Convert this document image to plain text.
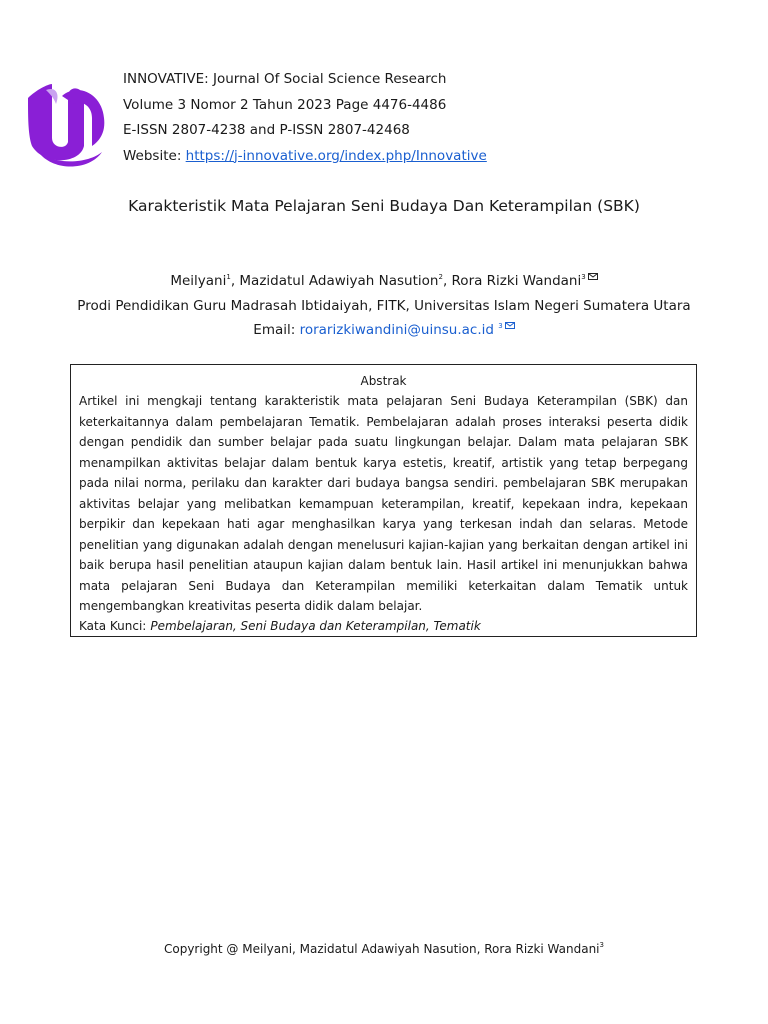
INNOVATIVE: Journal Of Social Science Research
Volume 3 Nomor 2 Tahun 2023 Page 4476-4486
E-ISSN 2807-4238 and P-ISSN 2807-42468
Website: https://j-innovative.org/index.php/Innovative
Karakteristik Mata Pelajaran Seni Budaya Dan Keterampilan (SBK)
Meilyani$^1$, Mazidatul Adawiyah Nasution$^2$, Rora Rizki Wandani$^3$
Prodi Pendidikan Guru Madrasah Ibtidaiyah, FITK, Universitas Islam Negeri Sumatera Utara
Email: rorarizkiwandini@uinsu.ac.id $^3$
Abstrak

Artikel ini mengkaji tentang karakteristik mata pelajaran Seni Budaya Keterampilan (SBK) dan keterkaitannya dalam pembelajaran Tematik. Pembelajaran adalah proses interaksi peserta didik dengan pendidik dan sumber belajar pada suatu lingkungan belajar. Dalam mata pelajaran SBK menampilkan aktivitas belajar dalam bentuk karya estetis, kreatif, artistik yang tetap berpegang pada nilai norma, perilaku dan karakter dari budaya bangsa sendiri. pembelajaran SBK merupakan aktivitas belajar yang melibatkan kemampuan keterampilan, kreatif, kepekaan indra, kepekaan berpikir dan kepekaan hati agar menghasilkan karya yang terkesan indah dan selaras. Metode penelitian yang digunakan adalah dengan menelusuri kajian-kajian yang berkaitan dengan artikel ini baik berupa hasil penelitian ataupun kajian dalam bentuk lain. Hasil artikel ini menunjukkan bahwa mata pelajaran Seni Budaya dan Keterampilan memiliki keterkaitan dalam Tematik untuk mengembangkan kreativitas peserta didik dalam belajar.

Kata Kunci: Pembelajaran, Seni Budaya dan Keterampilan, Tematik
Copyright @ Meilyani, Mazidatul Adawiyah Nasution, Rora Rizki Wandani$^3$
